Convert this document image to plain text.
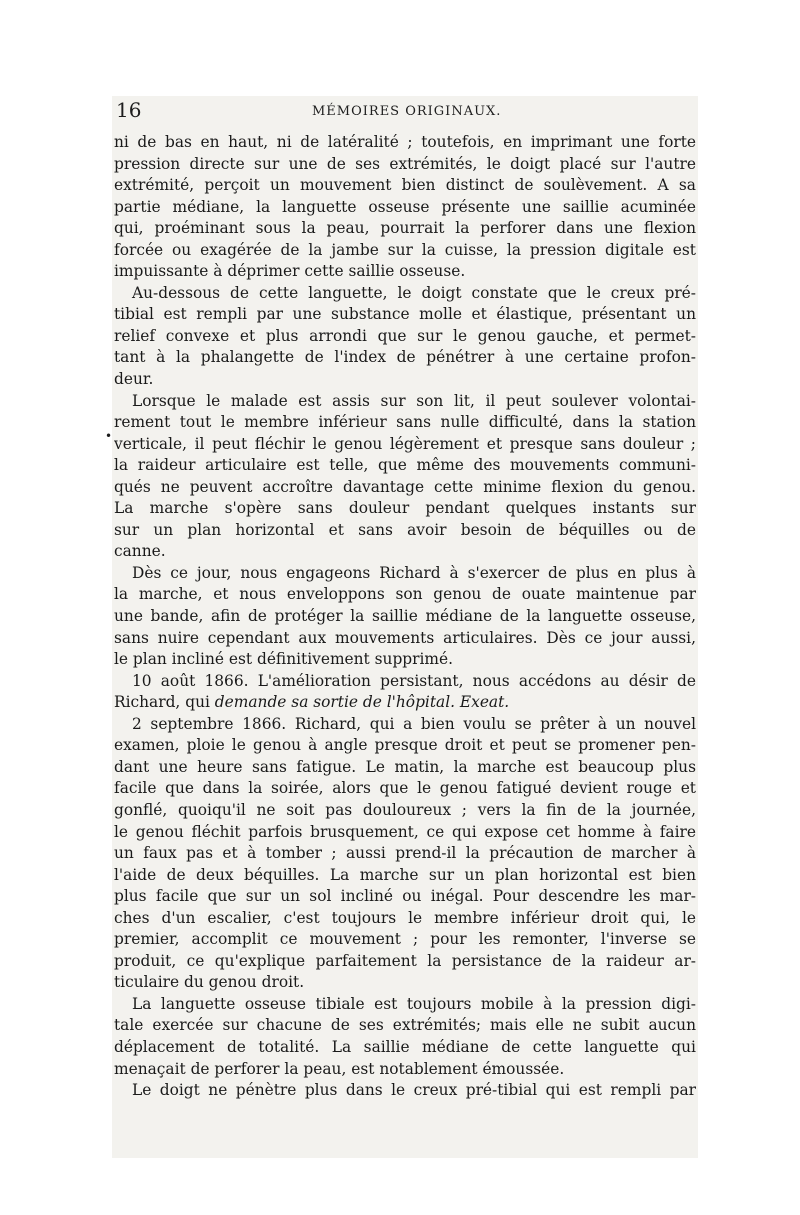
•
16	MÉMOIRES ORIGINAUX.
ni de bas en haut, ni de latéralité ; toutefois, en imprimant une forte
pression directe sur une de ses extrémités, le doigt placé sur l'autre
extrémité, perçoit un mouvement bien distinct de soulèvement. A sa
partie médiane, la languette osseuse présente une saillie acuminée
qui, proéminant sous la peau, pourrait la perforer dans une flexion
forcée ou exagérée de la jambe sur la cuisse, la pression digitale est
impuissante à déprimer cette saillie osseuse.
Au-dessous de cette languette, le doigt constate que le creux pré-
tibial est rempli par une substance molle et élastique, présentant un
relief convexe et plus arrondi que sur le genou gauche, et permet-
tant à la phalangette de l'index de pénétrer à une certaine profon-
deur.
Lorsque le malade est assis sur son lit, il peut soulever volontai-
rement tout le membre inférieur sans nulle difficulté, dans la station
verticale, il peut fléchir le genou légèrement et presque sans douleur ;
la raideur articulaire est telle, que même des mouvements communi-
qués ne peuvent accroître davantage cette minime flexion du genou.
La marche s'opère sans douleur pendant quelques instants sur
sur un plan horizontal et sans avoir besoin de béquilles ou de
canne.
Dès ce jour, nous engageons Richard à s'exercer de plus en plus à
la marche, et nous enveloppons son genou de ouate maintenue par
une bande, afin de protéger la saillie médiane de la languette osseuse,
sans nuire cependant aux mouvements articulaires. Dès ce jour aussi,
le plan incliné est définitivement supprimé.
10 août 1866. L'amélioration persistant, nous accédons au désir de
Richard, qui demande sa sortie de l'hôpital. Exeat.
2 septembre 1866. Richard, qui a bien voulu se prêter à un nouvel
examen, ploie le genou à angle presque droit et peut se promener pen-
dant une heure sans fatigue. Le matin, la marche est beaucoup plus
facile que dans la soirée, alors que le genou fatigué devient rouge et
gonflé, quoiqu'il ne soit pas douloureux ; vers la fin de la journée,
le genou fléchit parfois brusquement, ce qui expose cet homme à faire
un faux pas et à tomber ; aussi prend-il la précaution de marcher à
l'aide de deux béquilles. La marche sur un plan horizontal est bien
plus facile que sur un sol incliné ou inégal. Pour descendre les mar-
ches d'un escalier, c'est toujours le membre inférieur droit qui, le
premier, accomplit ce mouvement ; pour les remonter, l'inverse se
produit, ce qu'explique parfaitement la persistance de la raideur ar-
ticulaire du genou droit.
La languette osseuse tibiale est toujours mobile à la pression digi-
tale exercée sur chacune de ses extrémités; mais elle ne subit aucun
déplacement de totalité. La saillie médiane de cette languette qui
menaçait de perforer la peau, est notablement émoussée.
Le doigt ne pénètre plus dans le creux pré-tibial qui est rempli par
